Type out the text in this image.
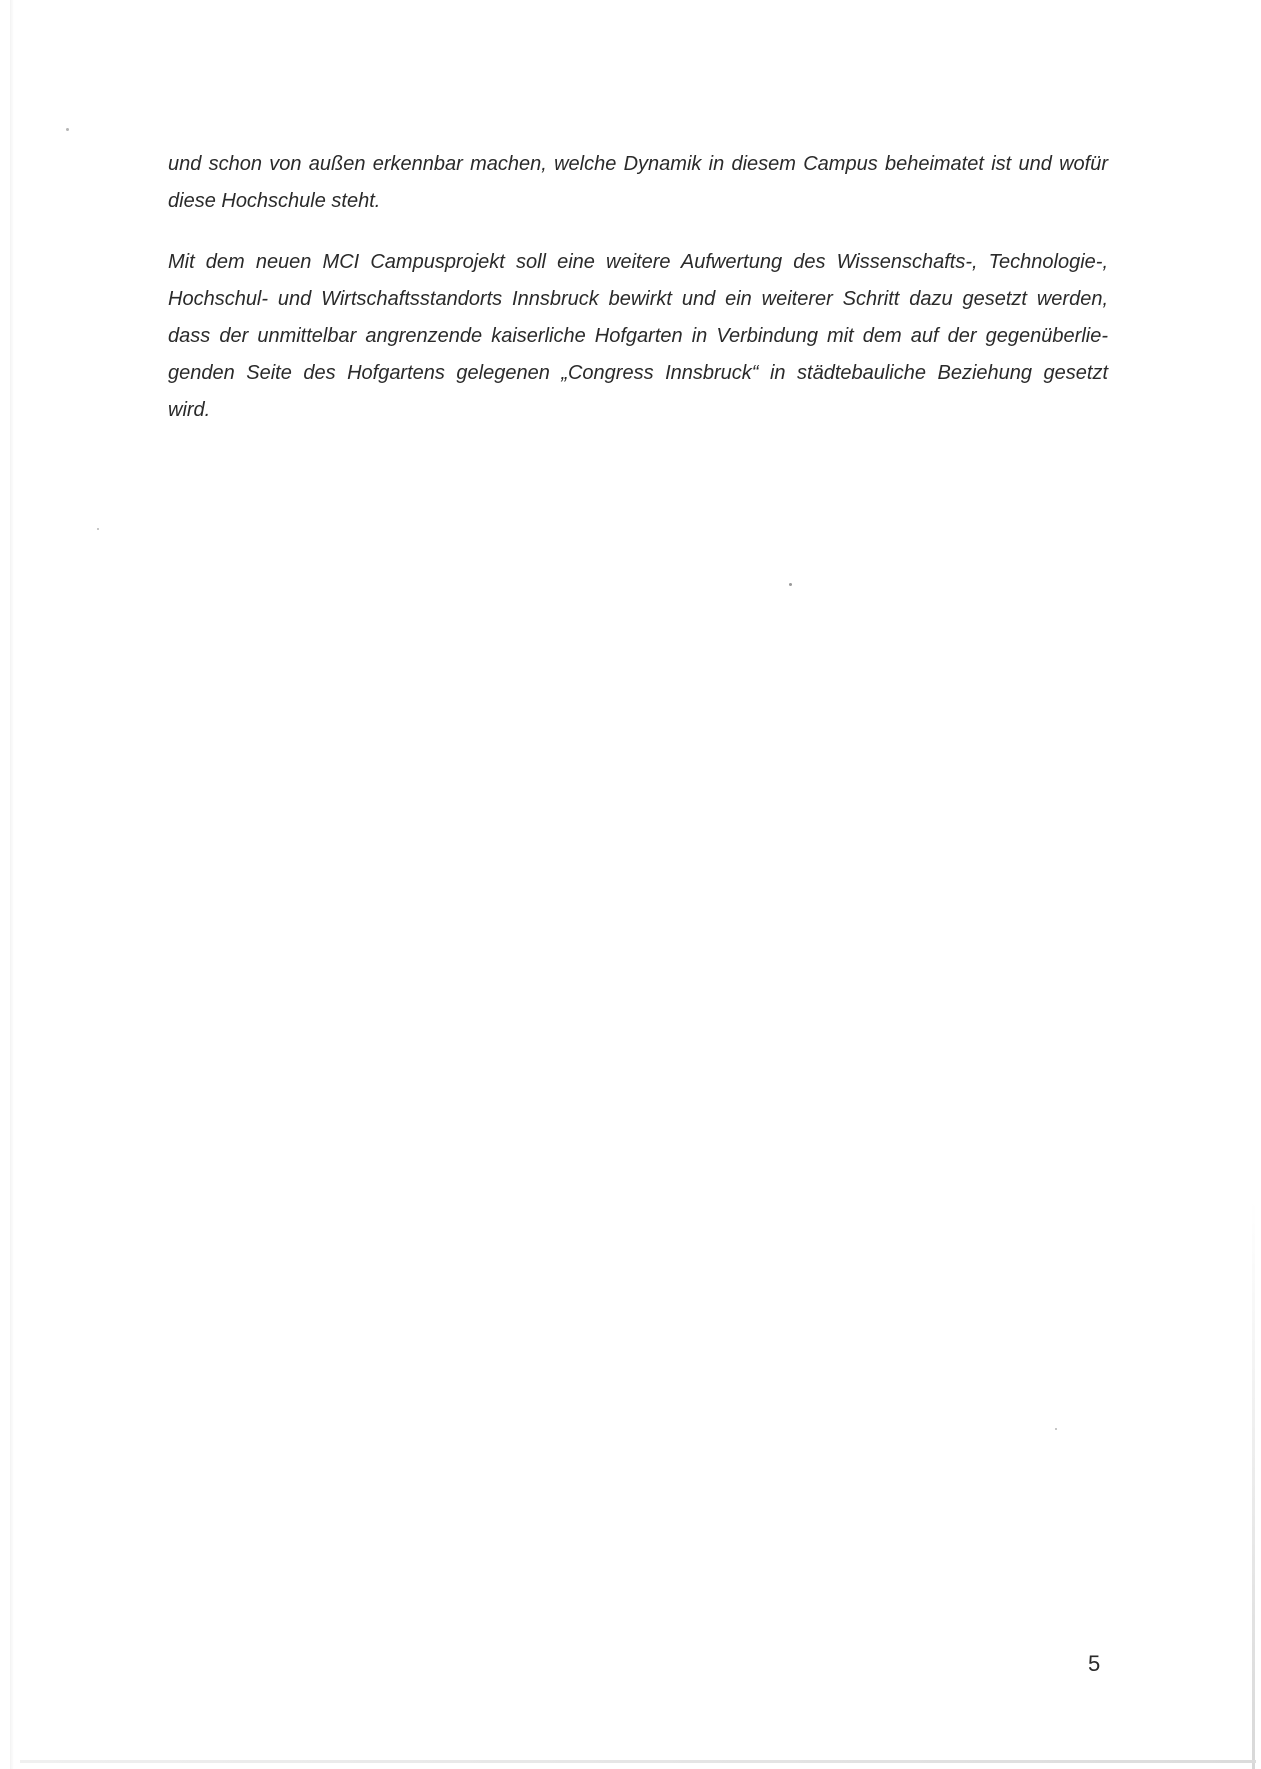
und schon von außen erkennbar machen, welche Dynamik in diesem Campus beheimatet ist und wofür
diese Hochschule steht.

Mit dem neuen MCI Campusprojekt soll eine weitere Aufwertung des Wissenschafts-, Technologie-,
Hochschul- und Wirtschaftsstandorts Innsbruck bewirkt und ein weiterer Schritt dazu gesetzt werden,
dass der unmittelbar angrenzende kaiserliche Hofgarten in Verbindung mit dem auf der gegenüberlie-
genden Seite des Hofgartens gelegenen „Congress Innsbruck“ in städtebauliche Beziehung gesetzt
wird.

5
